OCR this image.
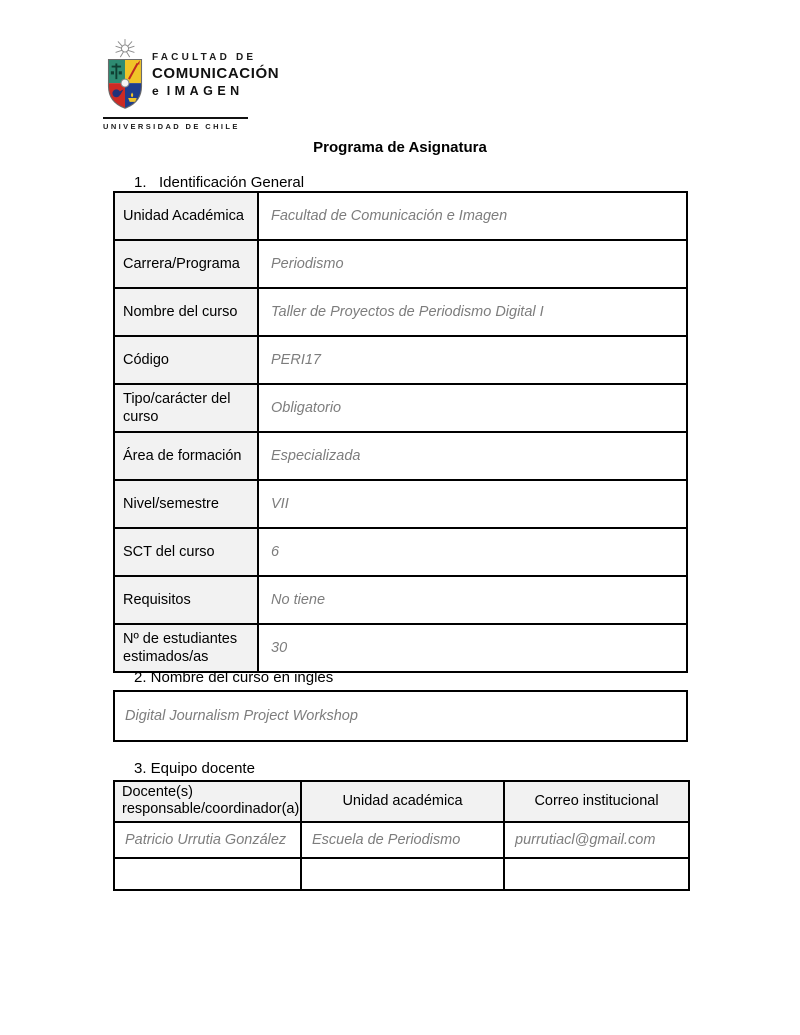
FACULTAD DE
COMUNICACIÓN
e IMAGEN
UNIVERSIDAD DE CHILE
Programa de Asignatura
1.   Identificación General
Unidad Académica	Facultad de Comunicación e Imagen
Carrera/Programa	Periodismo
Nombre del curso	Taller de Proyectos de Periodismo Digital I
Código	PERI17
Tipo/carácter del curso	Obligatorio
Área de formación	Especializada
Nivel/semestre	VII
SCT del curso	6
Requisitos	No tiene
Nº de estudiantes estimados/as	30
2. Nombre del curso en inglés
Digital Journalism Project Workshop
3. Equipo docente
Docente(s) responsable/coordinador(a)	Unidad académica	Correo institucional
Patricio Urrutia González	Escuela de Periodismo	purrutiacl@gmail.com
